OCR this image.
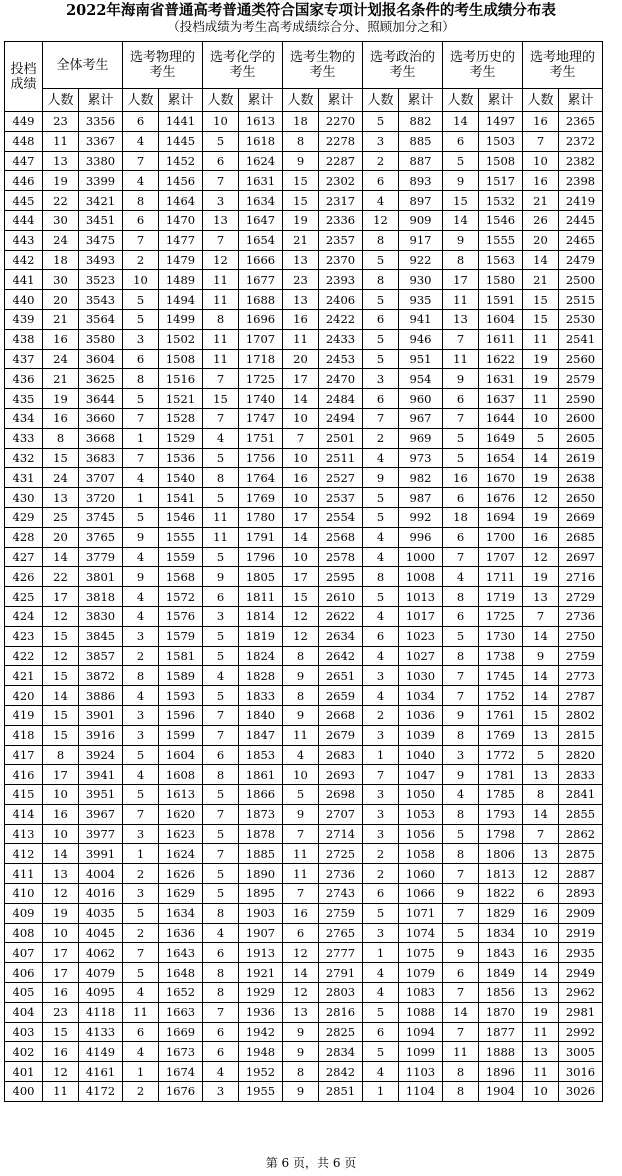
2022年海南省普通高考普通类符合国家专项计划报名条件的考生成绩分布表
（投档成绩为考生高考成绩综合分、照顾加分之和）
投档成绩	全体考生		选考物理的考生		选考化学的考生		选考生物的考生		选考政治的考生		选考历史的考生		选考地理的考生	
	人数	累计	人数	累计	人数	累计	人数	累计	人数	累计	人数	累计	人数	累计
449	23	3356	6	1441	10	1613	18	2270	5	882	14	1497	16	2365
448	11	3367	4	1445	5	1618	8	2278	3	885	6	1503	7	2372
447	13	3380	7	1452	6	1624	9	2287	2	887	5	1508	10	2382
446	19	3399	4	1456	7	1631	15	2302	6	893	9	1517	16	2398
445	22	3421	8	1464	3	1634	15	2317	4	897	15	1532	21	2419
444	30	3451	6	1470	13	1647	19	2336	12	909	14	1546	26	2445
443	24	3475	7	1477	7	1654	21	2357	8	917	9	1555	20	2465
442	18	3493	2	1479	12	1666	13	2370	5	922	8	1563	14	2479
441	30	3523	10	1489	11	1677	23	2393	8	930	17	1580	21	2500
440	20	3543	5	1494	11	1688	13	2406	5	935	11	1591	15	2515
439	21	3564	5	1499	8	1696	16	2422	6	941	13	1604	15	2530
438	16	3580	3	1502	11	1707	11	2433	5	946	7	1611	11	2541
437	24	3604	6	1508	11	1718	20	2453	5	951	11	1622	19	2560
436	21	3625	8	1516	7	1725	17	2470	3	954	9	1631	19	2579
435	19	3644	5	1521	15	1740	14	2484	6	960	6	1637	11	2590
434	16	3660	7	1528	7	1747	10	2494	7	967	7	1644	10	2600
433	8	3668	1	1529	4	1751	7	2501	2	969	5	1649	5	2605
432	15	3683	7	1536	5	1756	10	2511	4	973	5	1654	14	2619
431	24	3707	4	1540	8	1764	16	2527	9	982	16	1670	19	2638
430	13	3720	1	1541	5	1769	10	2537	5	987	6	1676	12	2650
429	25	3745	5	1546	11	1780	17	2554	5	992	18	1694	19	2669
428	20	3765	9	1555	11	1791	14	2568	4	996	6	1700	16	2685
427	14	3779	4	1559	5	1796	10	2578	4	1000	7	1707	12	2697
426	22	3801	9	1568	9	1805	17	2595	8	1008	4	1711	19	2716
425	17	3818	4	1572	6	1811	15	2610	5	1013	8	1719	13	2729
424	12	3830	4	1576	3	1814	12	2622	4	1017	6	1725	7	2736
423	15	3845	3	1579	5	1819	12	2634	6	1023	5	1730	14	2750
422	12	3857	2	1581	5	1824	8	2642	4	1027	8	1738	9	2759
421	15	3872	8	1589	4	1828	9	2651	3	1030	7	1745	14	2773
420	14	3886	4	1593	5	1833	8	2659	4	1034	7	1752	14	2787
419	15	3901	3	1596	7	1840	9	2668	2	1036	9	1761	15	2802
418	15	3916	3	1599	7	1847	11	2679	3	1039	8	1769	13	2815
417	8	3924	5	1604	6	1853	4	2683	1	1040	3	1772	5	2820
416	17	3941	4	1608	8	1861	10	2693	7	1047	9	1781	13	2833
415	10	3951	5	1613	5	1866	5	2698	3	1050	4	1785	8	2841
414	16	3967	7	1620	7	1873	9	2707	3	1053	8	1793	14	2855
413	10	3977	3	1623	5	1878	7	2714	3	1056	5	1798	7	2862
412	14	3991	1	1624	7	1885	11	2725	2	1058	8	1806	13	2875
411	13	4004	2	1626	5	1890	11	2736	2	1060	7	1813	12	2887
410	12	4016	3	1629	5	1895	7	2743	6	1066	9	1822	6	2893
409	19	4035	5	1634	8	1903	16	2759	5	1071	7	1829	16	2909
408	10	4045	2	1636	4	1907	6	2765	3	1074	5	1834	10	2919
407	17	4062	7	1643	6	1913	12	2777	1	1075	9	1843	16	2935
406	17	4079	5	1648	8	1921	14	2791	4	1079	6	1849	14	2949
405	16	4095	4	1652	8	1929	12	2803	4	1083	7	1856	13	2962
404	23	4118	11	1663	7	1936	13	2816	5	1088	14	1870	19	2981
403	15	4133	6	1669	6	1942	9	2825	6	1094	7	1877	11	2992
402	16	4149	4	1673	6	1948	9	2834	5	1099	11	1888	13	3005
401	12	4161	1	1674	4	1952	8	2842	4	1103	8	1896	11	3016
400	11	4172	2	1676	3	1955	9	2851	1	1104	8	1904	10	3026
第 6 页，共 6 页
